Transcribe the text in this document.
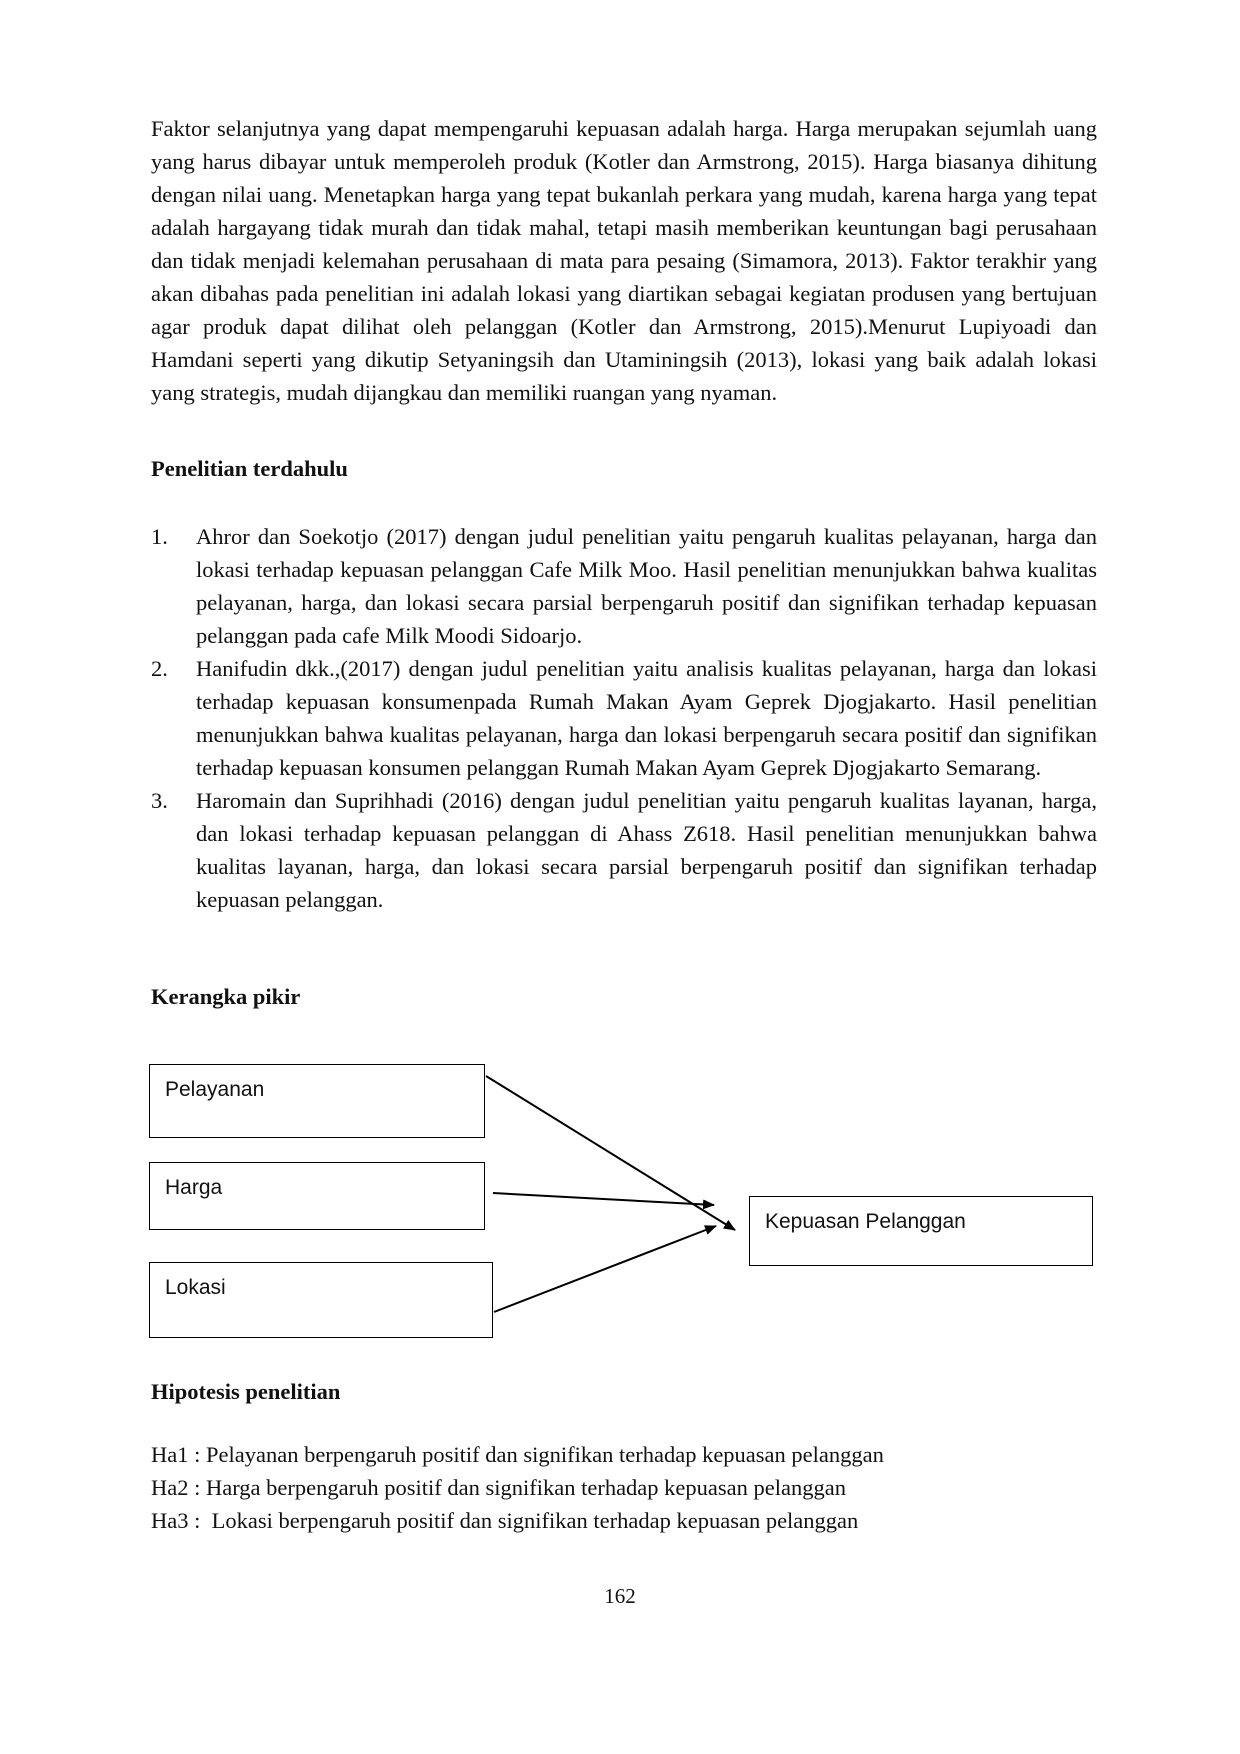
Faktor selanjutnya yang dapat mempengaruhi kepuasan adalah harga. Harga merupakan sejumlah uang yang harus dibayar untuk memperoleh produk (Kotler dan Armstrong, 2015). Harga biasanya dihitung dengan nilai uang. Menetapkan harga yang tepat bukanlah perkara yang mudah, karena harga yang tepat adalah hargayang tidak murah dan tidak mahal, tetapi masih memberikan keuntungan bagi perusahaan dan tidak menjadi kelemahan perusahaan di mata para pesaing (Simamora, 2013). Faktor terakhir yang akan dibahas pada penelitian ini adalah lokasi yang diartikan sebagai kegiatan produsen yang bertujuan agar produk dapat dilihat oleh pelanggan (Kotler dan Armstrong, 2015).Menurut Lupiyoadi dan Hamdani seperti yang dikutip Setyaningsih dan Utaminingsih (2013), lokasi yang baik adalah lokasi yang strategis, mudah dijangkau dan memiliki ruangan yang nyaman.

Penelitian terdahulu
1. Ahror dan Soekotjo (2017) dengan judul penelitian yaitu pengaruh kualitas pelayanan, harga dan lokasi terhadap kepuasan pelanggan Cafe Milk Moo. Hasil penelitian menunjukkan bahwa kualitas pelayanan, harga, dan lokasi secara parsial berpengaruh positif dan signifikan terhadap kepuasan pelanggan pada cafe Milk Moodi Sidoarjo.
2. Hanifudin dkk.,(2017) dengan judul penelitian yaitu analisis kualitas pelayanan, harga dan lokasi terhadap kepuasan konsumenpada Rumah Makan Ayam Geprek Djogjakarto. Hasil penelitian menunjukkan bahwa kualitas pelayanan, harga dan lokasi berpengaruh secara positif dan signifikan terhadap kepuasan konsumen pelanggan Rumah Makan Ayam Geprek Djogjakarto Semarang.
3. Haromain dan Suprihhadi (2016) dengan judul penelitian yaitu pengaruh kualitas layanan, harga, dan lokasi terhadap kepuasan pelanggan di Ahass Z618. Hasil penelitian menunjukkan bahwa kualitas layanan, harga, dan lokasi secara parsial berpengaruh positif dan signifikan terhadap kepuasan pelanggan.
Kerangka pikir
Pelayanan
Harga
Lokasi
Kepuasan Pelanggan
Hipotesis penelitian

Ha1 : Pelayanan berpengaruh positif dan signifikan terhadap kepuasan pelanggan

Ha2 : Harga berpengaruh positif dan signifikan terhadap kepuasan pelanggan

Ha3 :  Lokasi berpengaruh positif dan signifikan terhadap kepuasan pelanggan

162
